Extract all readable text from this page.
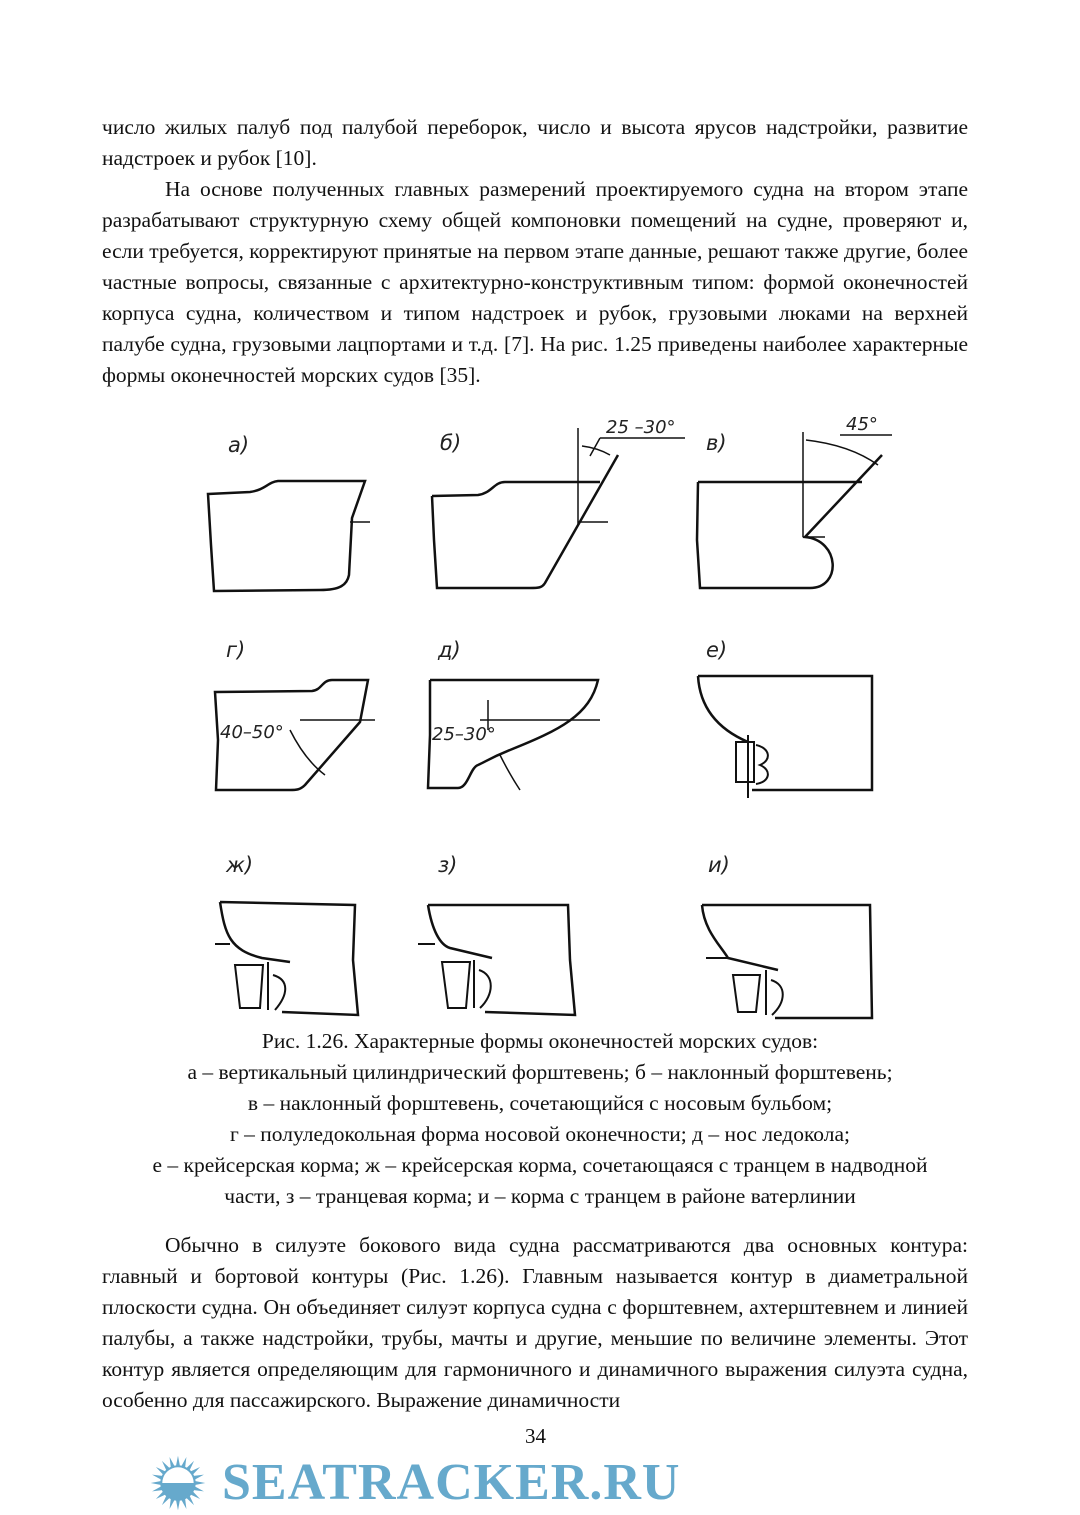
число жилых палуб под палубой переборок, число и высота ярусов надстройки, развитие надстроек и рубок [10].
На основе полученных главных размерений проектируемого судна на втором этапе разрабатывают структурную схему общей компоновки помещений на судне, проверяют и, если требуется, корректируют принятые на первом этапе данные, решают также другие, более частные вопросы, связанные с архитектурно-конструктивным типом: формой оконечностей корпуса судна, количеством и типом надстроек и рубок, грузовыми люками на верхней палубе судна, грузовыми лацпортами и т.д. [7]. На рис. 1.25 приведены наиболее характерные формы оконечностей морских судов [35].
а)	б)	в)
г)	д)	е)
ж)	з)	и)
25 –30°	45°
40–50°	25–30°
Рис. 1.26. Характерные формы оконечностей морских судов:
а – вертикальный цилиндрический форштевень; б – наклонный форштевень;
в – наклонный форштевень, сочетающийся с носовым бульбом;
г – полуледокольная форма носовой оконечности; д – нос ледокола;
е – крейсерская корма; ж – крейсерская корма, сочетающаяся с транцем в надводной
части, з – транцевая корма; и – корма с транцем в районе ватерлинии
Обычно в силуэте бокового вида судна рассматриваются два основных контура: главный и бортовой контуры (Рис. 1.26). Главным называется контур в диаметральной плоскости судна. Он объединяет силуэт корпуса судна с форштевнем, ахтерштевнем и линией палубы, а также надстройки, трубы, мачты и другие, меньшие по величине элементы. Этот контур является определяющим для гармоничного и динамичного выражения силуэта судна, особенно для пассажирского. Выражение динамичности
34
SEATRACKER.RU
